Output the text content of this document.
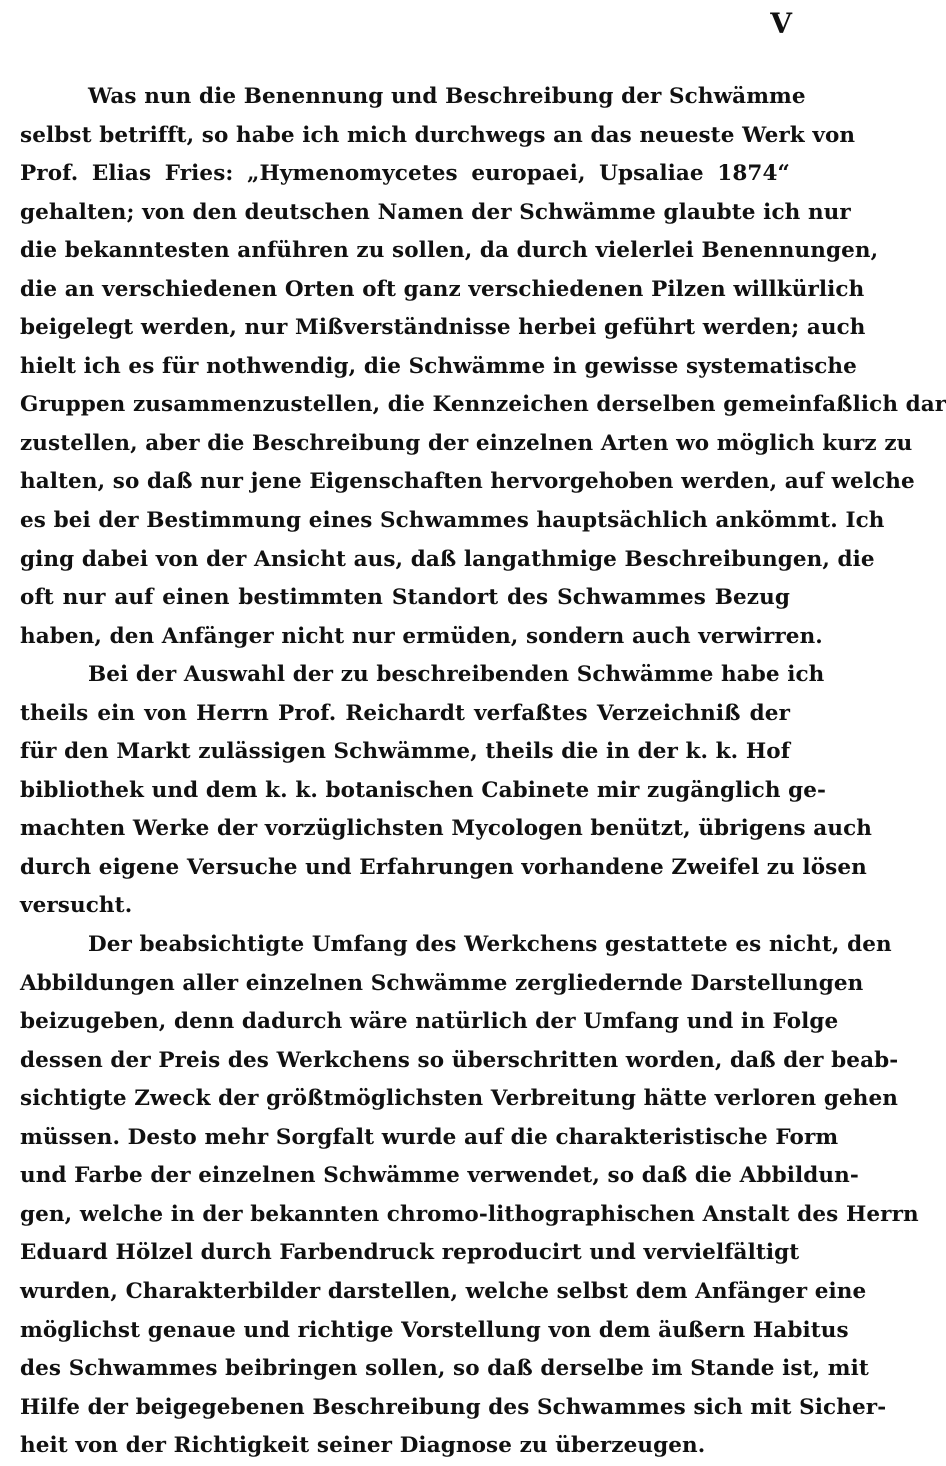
V
Was nun die Benennung und Beschreibung der Schwämme
selbst betrifft, so habe ich mich durchwegs an das neueste Werk von
Prof. Elias Fries: „Hymenomycetes europaei, Upsaliae 1874“
gehalten; von den deutschen Namen der Schwämme glaubte ich nur
die bekanntesten anführen zu sollen, da durch vielerlei Benennungen,
die an verschiedenen Orten oft ganz verschiedenen Pilzen willkürlich
beigelegt werden, nur Mißverständnisse herbei geführt werden; auch
hielt ich es für nothwendig, die Schwämme in gewisse systematische
Gruppen zusammenzustellen, die Kennzeichen derselben gemeinfaßlich dar
zustellen, aber die Beschreibung der einzelnen Arten wo möglich kurz zu
halten, so daß nur jene Eigenschaften hervorgehoben werden, auf welche
es bei der Bestimmung eines Schwammes hauptsächlich ankömmt. Ich
ging dabei von der Ansicht aus, daß langathmige Beschreibungen, die
oft nur auf einen bestimmten Standort des Schwammes Bezug
haben, den Anfänger nicht nur ermüden, sondern auch verwirren.
Bei der Auswahl der zu beschreibenden Schwämme habe ich
theils ein von Herrn Prof. Reichardt verfaßtes Verzeichniß der
für den Markt zulässigen Schwämme, theils die in der k. k. Hof
bibliothek und dem k. k. botanischen Cabinete mir zugänglich ge-
machten Werke der vorzüglichsten Mycologen benützt, übrigens auch
durch eigene Versuche und Erfahrungen vorhandene Zweifel zu lösen
versucht.
Der beabsichtigte Umfang des Werkchens gestattete es nicht, den
Abbildungen aller einzelnen Schwämme zergliedernde Darstellungen
beizugeben, denn dadurch wäre natürlich der Umfang und in Folge
dessen der Preis des Werkchens so überschritten worden, daß der beab-
sichtigte Zweck der größtmöglichsten Verbreitung hätte verloren gehen
müssen. Desto mehr Sorgfalt wurde auf die charakteristische Form
und Farbe der einzelnen Schwämme verwendet, so daß die Abbildun-
gen, welche in der bekannten chromo-lithographischen Anstalt des Herrn
Eduard Hölzel durch Farbendruck reproducirt und vervielfältigt
wurden, Charakterbilder darstellen, welche selbst dem Anfänger eine
möglichst genaue und richtige Vorstellung von dem äußern Habitus
des Schwammes beibringen sollen, so daß derselbe im Stande ist, mit
Hilfe der beigegebenen Beschreibung des Schwammes sich mit Sicher-
heit von der Richtigkeit seiner Diagnose zu überzeugen.
